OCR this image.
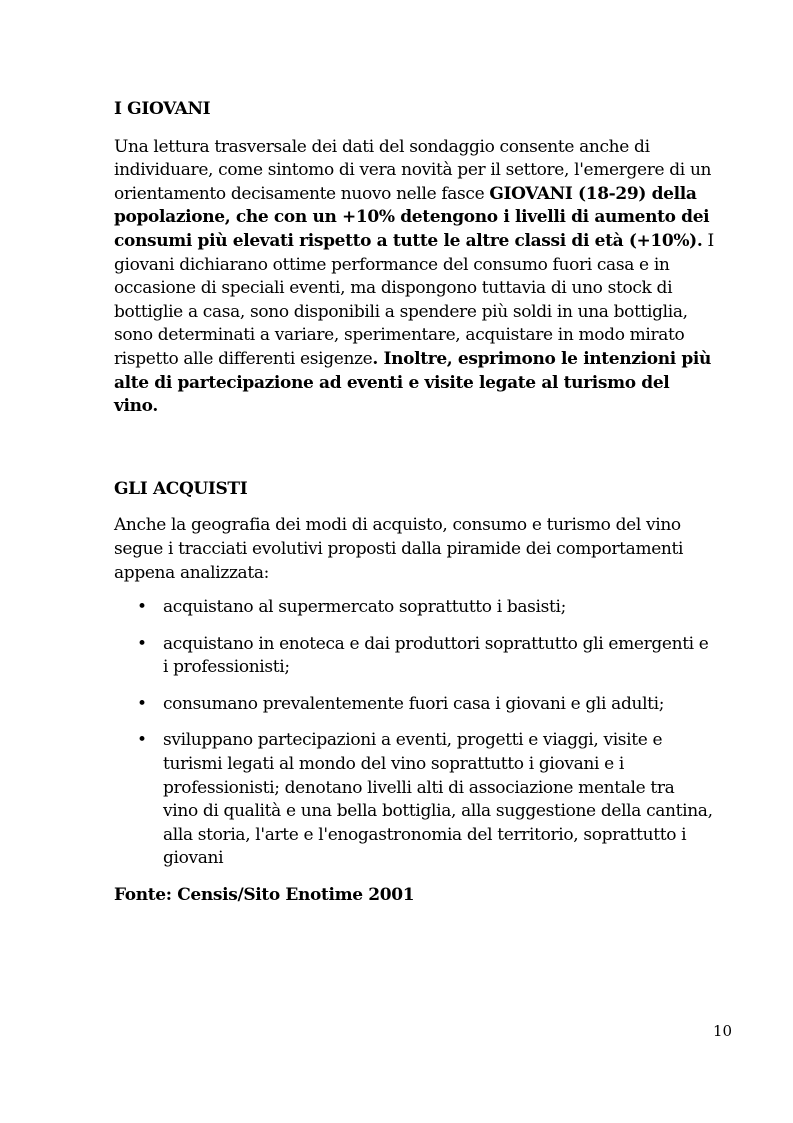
I GIOVANI

Una lettura trasversale dei dati del sondaggio consente anche di individuare, come sintomo di vera novità per il settore, l'emergere di un orientamento decisamente nuovo nelle fasce GIOVANI (18-29) della popolazione, che con un +10% detengono i livelli di aumento dei consumi più elevati rispetto a tutte le altre classi di età (+10%). I giovani dichiarano ottime performance del consumo fuori casa e in occasione di speciali eventi, ma dispongono tuttavia di uno stock di bottiglie a casa, sono disponibili a spendere più soldi in una bottiglia, sono determinati a variare, sperimentare, acquistare in modo mirato rispetto alle differenti esigenze. Inoltre, esprimono le intenzioni più alte di partecipazione ad eventi e visite legate al turismo del vino.

GLI ACQUISTI

Anche la geografia dei modi di acquisto, consumo e turismo del vino segue i tracciati evolutivi proposti dalla piramide dei comportamenti appena analizzata:

• acquistano al supermercato soprattutto i basisti;
• acquistano in enoteca e dai produttori soprattutto gli emergenti e i professionisti;
• consumano prevalentemente fuori casa i giovani e gli adulti;
• sviluppano partecipazioni a eventi, progetti e viaggi, visite e turismi legati al mondo del vino soprattutto i giovani e i professionisti; denotano livelli alti di associazione mentale tra vino di qualità e una bella bottiglia, alla suggestione della cantina, alla storia, l'arte e l'enogastronomia del territorio, soprattutto i giovani

Fonte: Censis/Sito Enotime 2001

10
